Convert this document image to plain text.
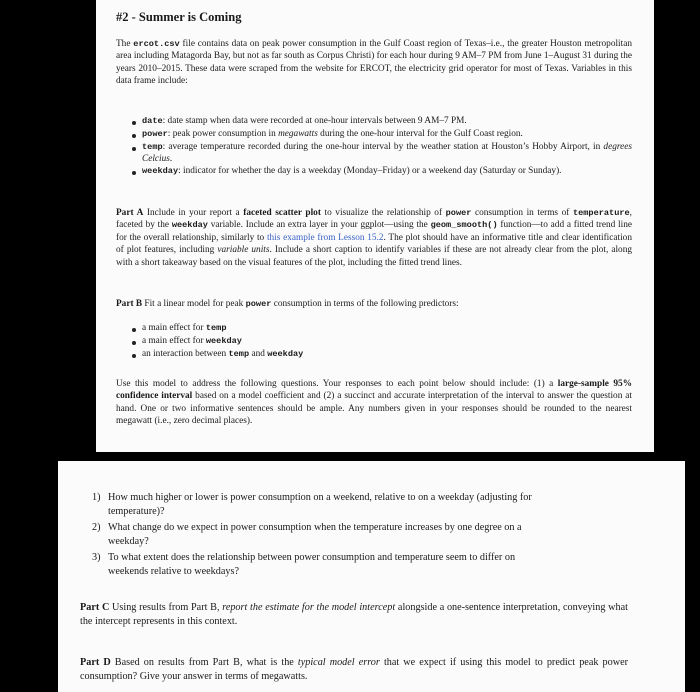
#2 - Summer is Coming

The ercot.csv file contains data on peak power consumption in the Gulf Coast region of Texas–i.e., the greater Houston metropolitan area including Matagorda Bay, but not as far south as Corpus Christi) for each hour during 9 AM–7 PM from June 1–August 31 during the years 2010–2015. These data were scraped from the website for ERCOT, the electricity grid operator for most of Texas. Variables in this data frame include:

date: date stamp when data were recorded at one-hour intervals between 9 AM–7 PM.

power: peak power consumption in megawatts during the one-hour interval for the Gulf Coast region.

temp: average temperature recorded during the one-hour interval by the weather station at Houston’s Hobby Airport, in degrees Celcius.

weekday: indicator for whether the day is a weekday (Monday–Friday) or a weekend day (Saturday or Sunday).

Part A Include in your report a faceted scatter plot to visualize the relationship of power consumption in terms of temperature, faceted by the weekday variable. Include an extra layer in your ggplot—using the geom_smooth() function—to add a fitted trend line for the overall relationship, similarly to this example from Lesson 15.2. The plot should have an informative title and clear identification of plot features, including variable units. Include a short caption to identify variables if these are not already clear from the plot, along with a short takeaway based on the visual features of the plot, including the fitted trend lines.

Part B Fit a linear model for peak power consumption in terms of the following predictors:

a main effect for temp

a main effect for weekday

an interaction between temp and weekday

Use this model to address the following questions. Your responses to each point below should include: (1) a large-sample 95% confidence interval based on a model coefficient and (2) a succinct and accurate interpretation of the interval to answer the question at hand. One or two informative sentences should be ample. Any numbers given in your responses should be rounded to the nearest megawatt (i.e., zero decimal places).

1) How much higher or lower is power consumption on a weekend, relative to on a weekday (adjusting for

temperature)?

2) What change do we expect in power consumption when the temperature increases by one degree on a

weekday?

3) To what extent does the relationship between power consumption and temperature seem to differ on

weekends relative to weekdays?

Part C Using results from Part B, report the estimate for the model intercept alongside a one-sentence interpretation, conveying what the intercept represents in this context.

Part D Based on results from Part B, what is the typical model error that we expect if using this model to predict peak power consumption? Give your answer in terms of megawatts.
